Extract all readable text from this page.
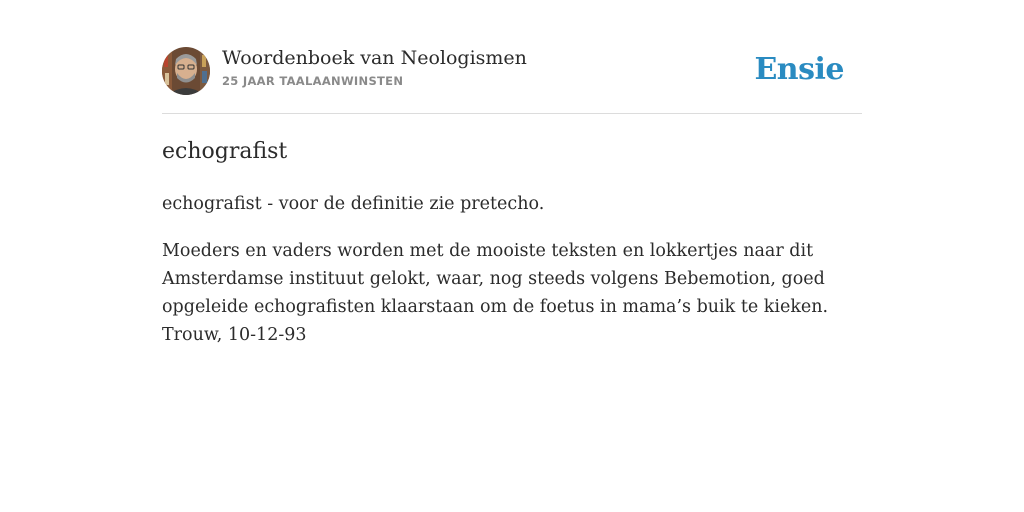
Woordenboek van Neologismen
25 JAAR TAALAANWINSTEN	Ensie
echografist

echografist - voor de definitie zie pretecho.

Moeders en vaders worden met de mooiste teksten en lokkertjes naar dit
Amsterdamse instituut gelokt, waar, nog steeds volgens Bebemotion, goed
opgeleide echografisten klaarstaan om de foetus in mama’s buik te kieken.
Trouw, 10-12-93
